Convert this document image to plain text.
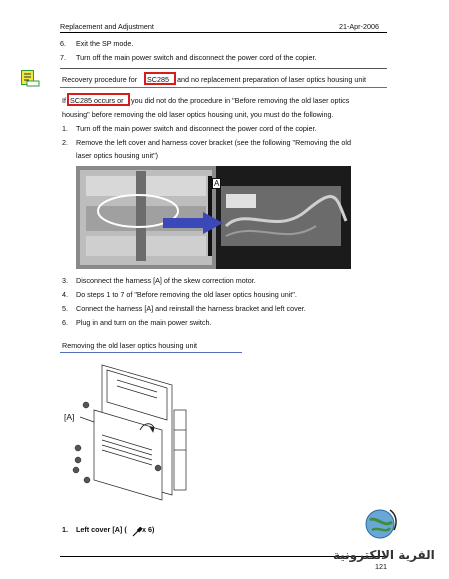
Replacement and Adjustment	21-Apr-2006
6. Exit the SP mode.
7. Turn off the main power switch and disconnect the power cord of the copier.
Recovery procedure for SC285 and no replacement preparation of laser optics housing unit
If SC285 occurs or you did not do the procedure in "Before removing the old laser optics
housing" before removing the old laser optics housing unit, you must do the following.
1. Turn off the main power switch and disconnect the power cord of the copier.
2. Remove the left cover and harness cover bracket (see the following "Removing the old
laser optics housing unit")
A
3. Disconnect the harness [A] of the skew correction motor.
4. Do steps 1 to 7 of "Before removing the old laser optics housing unit".
5. Connect the harness [A] and reinstall the harness bracket and left cover.
6. Plug in and turn on the main power switch.
Removing the old laser optics housing unit
[A]
1. Left cover [A] ( x 6)
القرية الالكترونية
121
